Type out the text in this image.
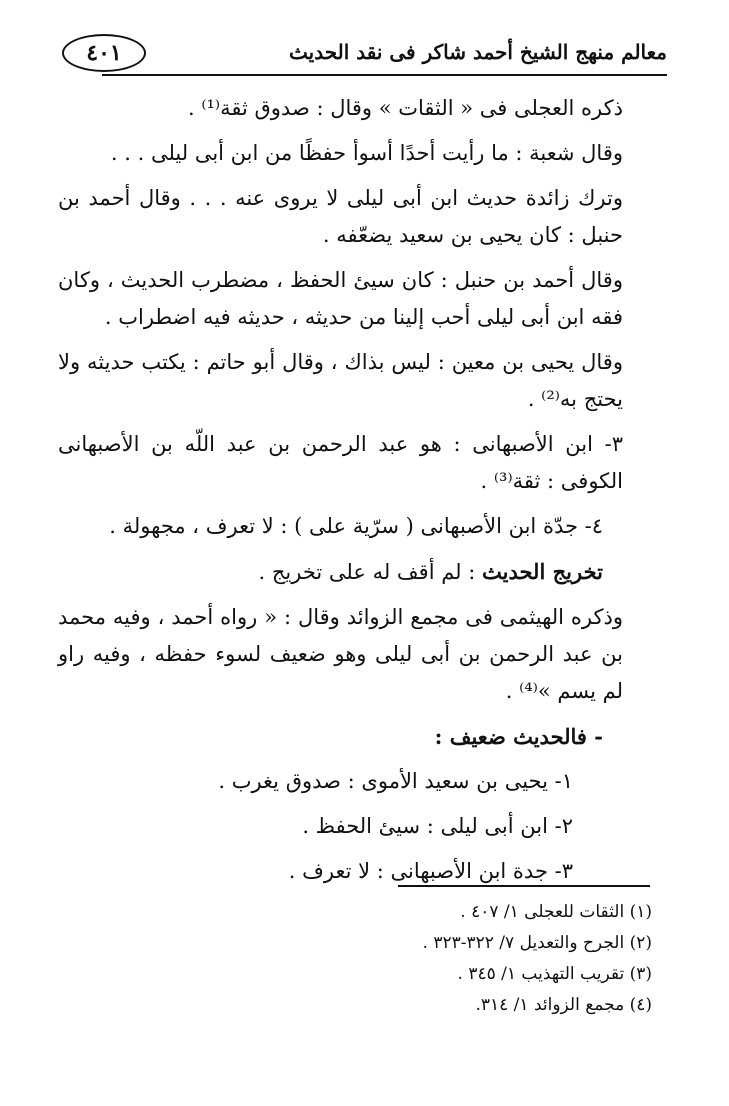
٤٠١	معالم منهج الشيخ أحمد شاكر فى نقد الحديث

ذكره العجلى فى « الثقات » وقال : صدوق ثقة⁽¹⁾ .

وقال شعبة : ما رأيت أحدًا أسوأ حفظًا من ابن أبى ليلى . . .

وترك زائدة حديث ابن أبى ليلى لا يروى عنه . . . وقال أحمد بن حنبل : كان يحيى بن سعيد يضعّفه .

وقال أحمد بن حنبل : كان سيئ الحفظ ، مضطرب الحديث ، وكان فقه ابن أبى ليلى أحب إلينا من حديثه ، حديثه فيه اضطراب .

وقال يحيى بن معين : ليس بذاك ، وقال أبو حاتم : يكتب حديثه ولا يحتج به⁽²⁾ .

٣- ابن الأصبهانى : هو عبد الرحمن بن عبد اللّه بن الأصبهانى الكوفى : ثقة⁽³⁾ .

٤- جدّة ابن الأصبهانى ( سرّية على ) : لا تعرف ، مجهولة .

تخريج الحديث : لم أقف له على تخريج .

وذكره الهيثمى فى مجمع الزوائد وقال : « رواه أحمد ، وفيه محمد بن عبد الرحمن بن أبى ليلى وهو ضعيف لسوء حفظه ، وفيه راو لم يسم »⁽⁴⁾ .

- فالحديث ضعيف :

١- يحيى بن سعيد الأموى : صدوق يغرب .

٢- ابن أبى ليلى : سيئ الحفظ .

٣- جدة ابن الأصبهانى : لا تعرف .

(١) الثقات للعجلى ١/ ٤٠٧ .
(٢) الجرح والتعديل ٧/ ٣٢٢-٣٢٣ .
(٣) تقريب التهذيب ١/ ٣٤٥ .
(٤) مجمع الزوائد ١/ ٣١٤.
